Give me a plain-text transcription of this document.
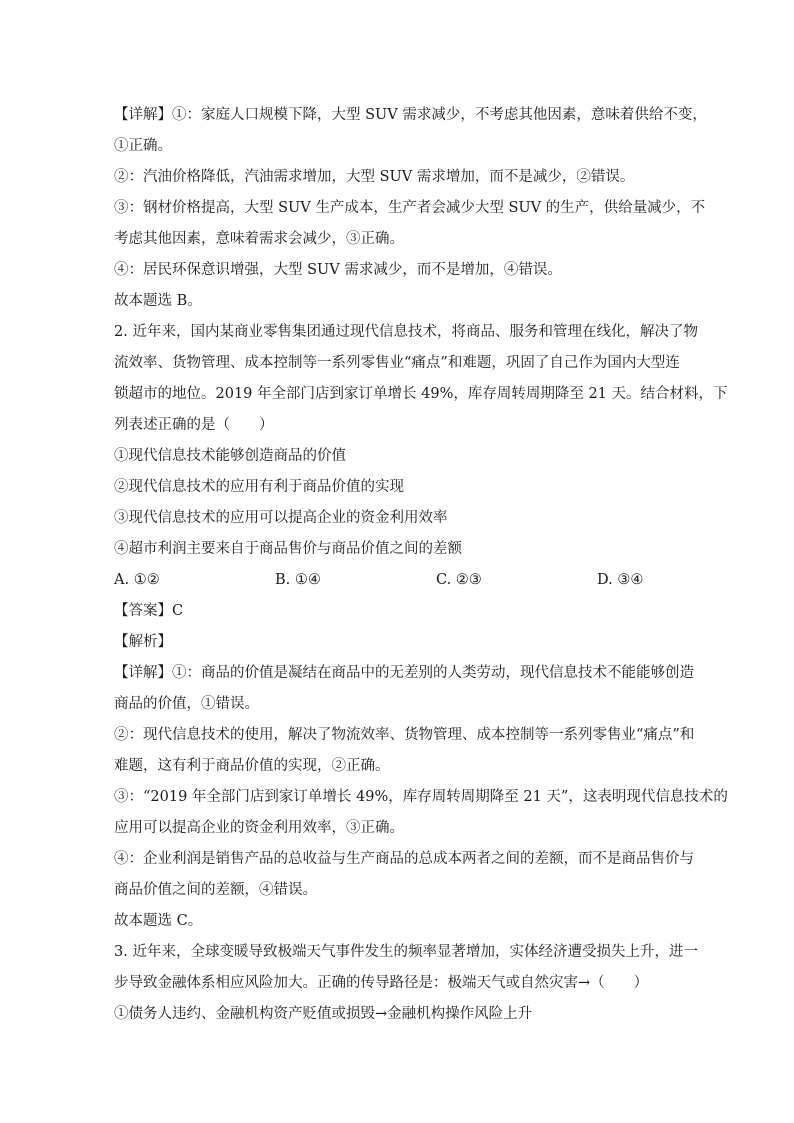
【详解】①：家庭人口规模下降，大型 SUV 需求减少，不考虑其他因素，意味着供给不变，
①正确。
②：汽油价格降低，汽油需求增加，大型 SUV 需求增加，而不是减少，②错误。
③：钢材价格提高，大型 SUV 生产成本，生产者会减少大型 SUV 的生产，供给量减少，不
考虑其他因素，意味着需求会减少，③正确。
④：居民环保意识增强，大型 SUV 需求减少，而不是增加，④错误。
故本题选 B。
2. 近年来，国内某商业零售集团通过现代信息技术，将商品、服务和管理在线化，解决了物
流效率、货物管理、成本控制等一系列零售业“痛点”和难题，巩固了自己作为国内大型连
锁超市的地位。2019 年全部门店到家订单增长 49%，库存周转周期降至 21 天。结合材料，下
列表述正确的是（　　）
①现代信息技术能够创造商品的价值
②现代信息技术的应用有利于商品价值的实现
③现代信息技术的应用可以提高企业的资金利用效率
④超市利润主要来自于商品售价与商品价值之间的差额
A. ①②	B. ①④	C. ②③	D. ③④
【答案】C
【解析】
【详解】①：商品的价值是凝结在商品中的无差别的人类劳动，现代信息技术不能能够创造
商品的价值，①错误。
②：现代信息技术的使用，解决了物流效率、货物管理、成本控制等一系列零售业“痛点”和
难题，这有利于商品价值的实现，②正确。
③：“2019 年全部门店到家订单增长 49%，库存周转周期降至 21 天”，这表明现代信息技术的
应用可以提高企业的资金利用效率，③正确。
④：企业利润是销售产品的总收益与生产商品的总成本两者之间的差额，而不是商品售价与
商品价值之间的差额，④错误。
故本题选 C。
3. 近年来，全球变暖导致极端天气事件发生的频率显著增加，实体经济遭受损失上升，进一
步导致金融体系相应风险加大。正确的传导路径是：极端天气或自然灾害→（　　）
①债务人违约、金融机构资产贬值或损毁→金融机构操作风险上升
